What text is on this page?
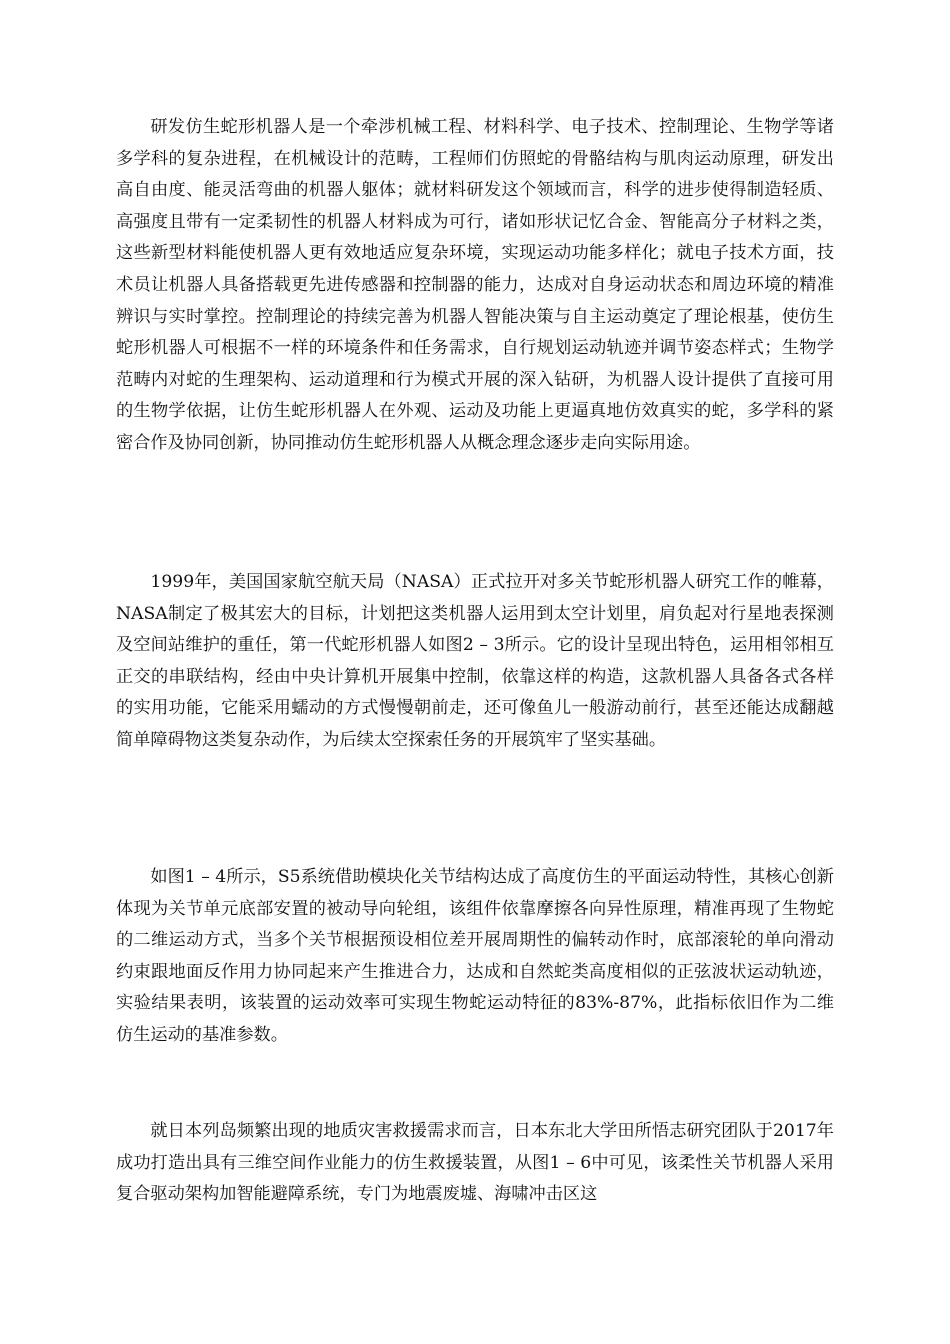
研发仿生蛇形机器人是一个牵涉机械工程、材料科学、电子技术、控制理论、生物学等诸多学科的复杂进程，在机械设计的范畴，工程师们仿照蛇的骨骼结构与肌肉运动原理，研发出高自由度、能灵活弯曲的机器人躯体；就材料研发这个领域而言，科学的进步使得制造轻质、高强度且带有一定柔韧性的机器人材料成为可行，诸如形状记忆合金、智能高分子材料之类，这些新型材料能使机器人更有效地适应复杂环境，实现运动功能多样化；就电子技术方面，技术员让机器人具备搭载更先进传感器和控制器的能力，达成对自身运动状态和周边环境的精准辨识与实时掌控。控制理论的持续完善为机器人智能决策与自主运动奠定了理论根基，使仿生蛇形机器人可根据不一样的环境条件和任务需求，自行规划运动轨迹并调节姿态样式；生物学范畴内对蛇的生理架构、运动道理和行为模式开展的深入钻研，为机器人设计提供了直接可用的生物学依据，让仿生蛇形机器人在外观、运动及功能上更逼真地仿效真实的蛇，多学科的紧密合作及协同创新，协同推动仿生蛇形机器人从概念理念逐步走向实际用途。

1999年，美国国家航空航天局（NASA）正式拉开对多关节蛇形机器人研究工作的帷幕，NASA制定了极其宏大的目标，计划把这类机器人运用到太空计划里，肩负起对行星地表探测及空间站维护的重任，第一代蛇形机器人如图2 – 3所示。它的设计呈现出特色，运用相邻相互正交的串联结构，经由中央计算机开展集中控制，依靠这样的构造，这款机器人具备各式各样的实用功能，它能采用蠕动的方式慢慢朝前走，还可像鱼儿一般游动前行，甚至还能达成翻越简单障碍物这类复杂动作，为后续太空探索任务的开展筑牢了坚实基础。

如图1 – 4所示，S5系统借助模块化关节结构达成了高度仿生的平面运动特性，其核心创新体现为关节单元底部安置的被动导向轮组，该组件依靠摩擦各向异性原理，精准再现了生物蛇的二维运动方式，当多个关节根据预设相位差开展周期性的偏转动作时，底部滚轮的单向滑动约束跟地面反作用力协同起来产生推进合力，达成和自然蛇类高度相似的正弦波状运动轨迹，实验结果表明，该装置的运动效率可实现生物蛇运动特征的83%-87%，此指标依旧作为二维仿生运动的基准参数。

就日本列岛频繁出现的地质灾害救援需求而言，日本东北大学田所悟志研究团队于2017年成功打造出具有三维空间作业能力的仿生救援装置，从图1 – 6中可见，该柔性关节机器人采用复合驱动架构加智能避障系统，专门为地震废墟、海啸冲击区这
